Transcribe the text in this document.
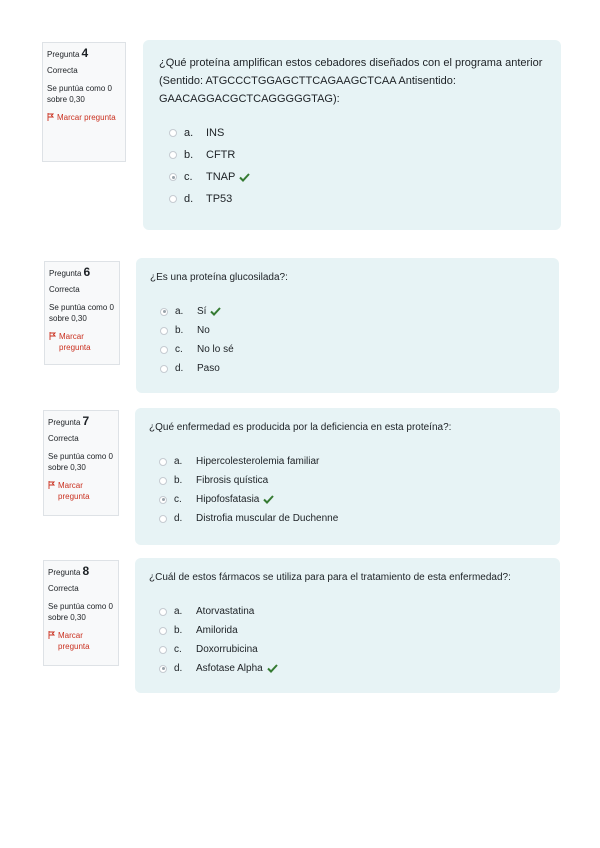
Pregunta 4
Correcta
Se puntúa como 0 sobre 0,30
Marcar pregunta
¿Qué proteína amplifican estos cebadores diseñados con el programa anterior (Sentido: ATGCCCTGGAGCTTCAGAAGCTCAA Antisentido: GAACAGGACGCTCAGGGGGTAG):
a.	INS
b.	CFTR
c.	TNAP
d.	TP53
Pregunta 6
Correcta
Se puntúa como 0 sobre 0,30
Marcar pregunta
¿Es una proteína glucosilada?:
a.	Sí
b.	No
c.	No lo sé
d.	Paso
Pregunta 7
Correcta
Se puntúa como 0 sobre 0,30
Marcar pregunta
¿Qué enfermedad es producida por la deficiencia en esta proteína?:
a.	Hipercolesterolemia familiar
b.	Fibrosis quística
c.	Hipofosfatasia
d.	Distrofia muscular de Duchenne
Pregunta 8
Correcta
Se puntúa como 0 sobre 0,30
Marcar pregunta
¿Cuál de estos fármacos se utiliza para para el tratamiento de esta enfermedad?:
a.	Atorvastatina
b.	Amilorida
c.	Doxorrubicina
d.	Asfotase Alpha
